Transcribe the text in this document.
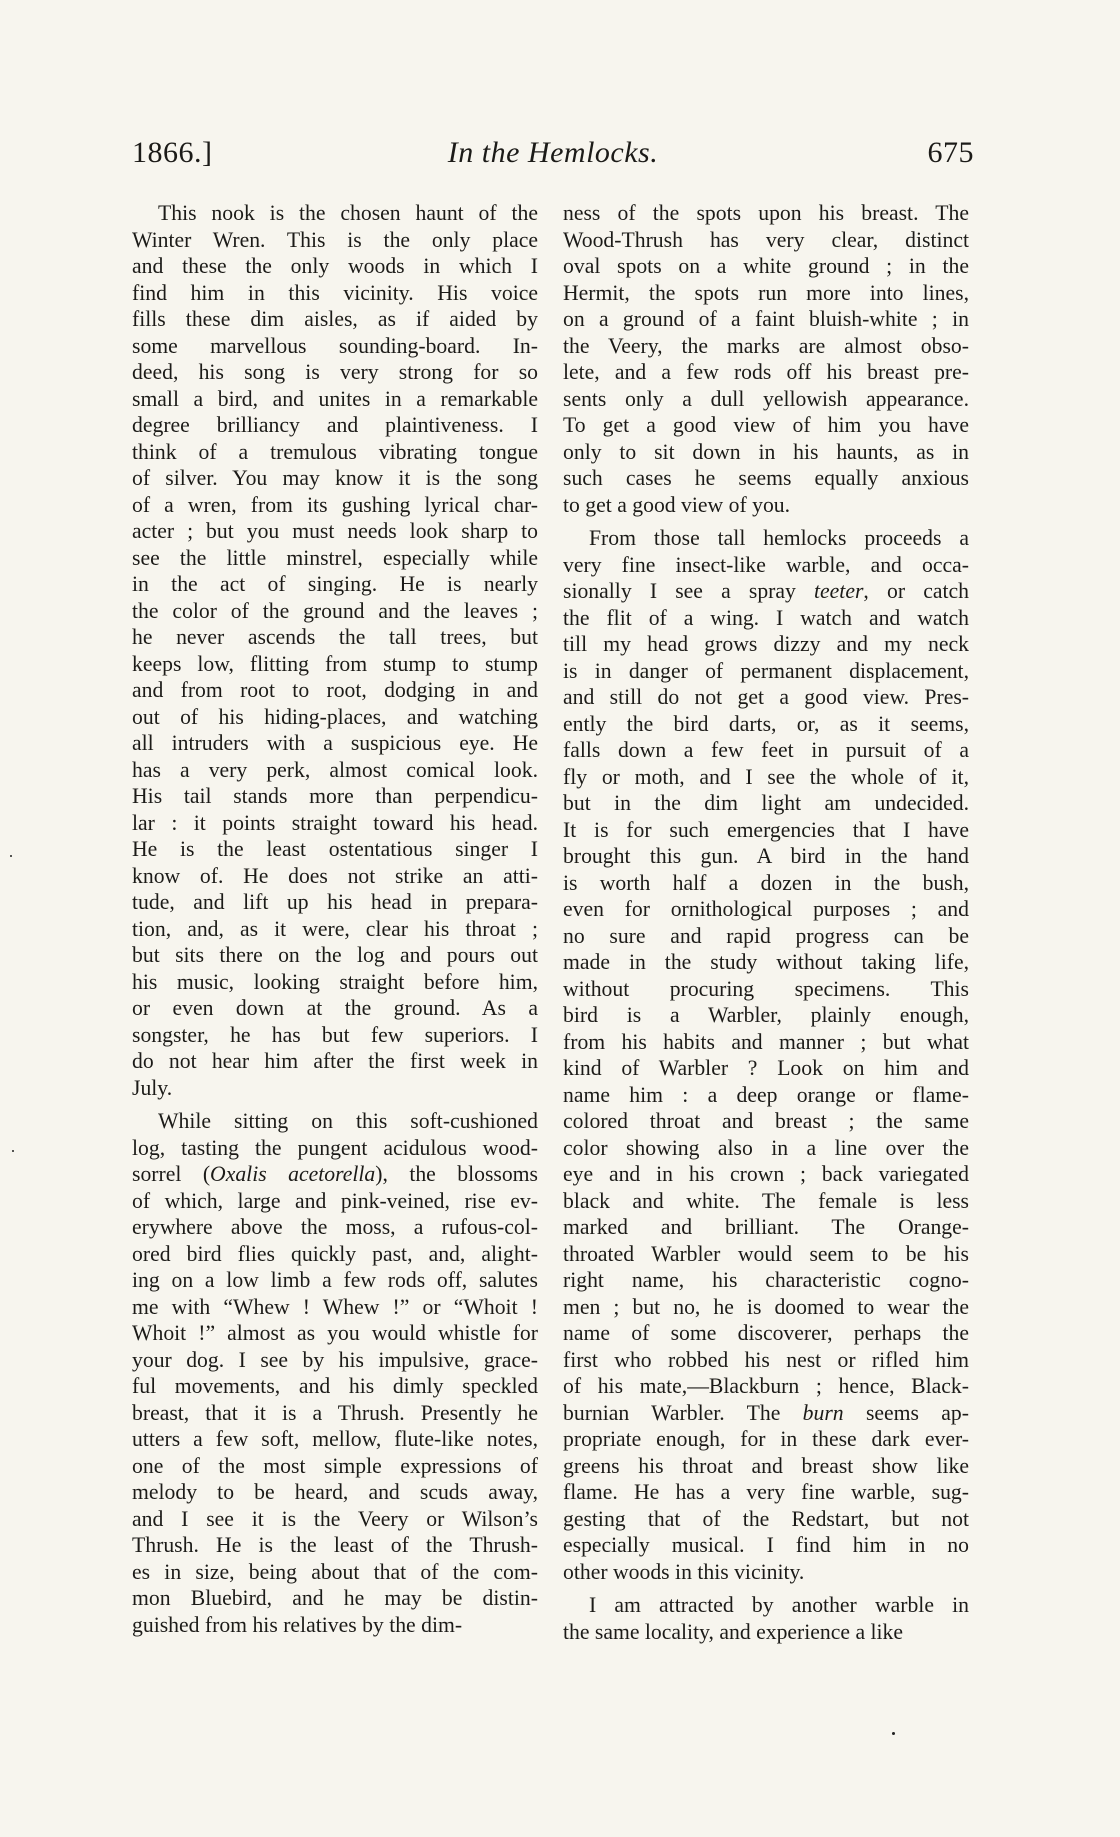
1866.]	In the Hemlocks.	675
This nook is the chosen haunt of the
Winter Wren. This is the only place
and these the only woods in which I
find him in this vicinity. His voice
fills these dim aisles, as if aided by
some marvellous sounding-board. In-
deed, his song is very strong for so
small a bird, and unites in a remarkable
degree brilliancy and plaintiveness. I
think of a tremulous vibrating tongue
of silver. You may know it is the song
of a wren, from its gushing lyrical char-
acter ; but you must needs look sharp to
see the little minstrel, especially while
in the act of singing. He is nearly
the color of the ground and the leaves ;
he never ascends the tall trees, but
keeps low, flitting from stump to stump
and from root to root, dodging in and
out of his hiding-places, and watching
all intruders with a suspicious eye. He
has a very perk, almost comical look.
His tail stands more than perpendicu-
lar : it points straight toward his head.
He is the least ostentatious singer I
know of. He does not strike an atti-
tude, and lift up his head in prepara-
tion, and, as it were, clear his throat ;
but sits there on the log and pours out
his music, looking straight before him,
or even down at the ground. As a
songster, he has but few superiors. I
do not hear him after the first week in
July.
While sitting on this soft-cushioned
log, tasting the pungent acidulous wood-
sorrel (Oxalis acetorella), the blossoms
of which, large and pink-veined, rise ev-
erywhere above the moss, a rufous-col-
ored bird flies quickly past, and, alight-
ing on a low limb a few rods off, salutes
me with “Whew ! Whew !” or “Whoit !
Whoit !” almost as you would whistle for
your dog. I see by his impulsive, grace-
ful movements, and his dimly speckled
breast, that it is a Thrush. Presently he
utters a few soft, mellow, flute-like notes,
one of the most simple expressions of
melody to be heard, and scuds away,
and I see it is the Veery or Wilson’s
Thrush. He is the least of the Thrush-
es in size, being about that of the com-
mon Bluebird, and he may be distin-
guished from his relatives by the dim-
ness of the spots upon his breast. The
Wood-Thrush has very clear, distinct
oval spots on a white ground ; in the
Hermit, the spots run more into lines,
on a ground of a faint bluish-white ; in
the Veery, the marks are almost obso-
lete, and a few rods off his breast pre-
sents only a dull yellowish appearance.
To get a good view of him you have
only to sit down in his haunts, as in
such cases he seems equally anxious
to get a good view of you.
From those tall hemlocks proceeds a
very fine insect-like warble, and occa-
sionally I see a spray teeter, or catch
the flit of a wing. I watch and watch
till my head grows dizzy and my neck
is in danger of permanent displacement,
and still do not get a good view. Pres-
ently the bird darts, or, as it seems,
falls down a few feet in pursuit of a
fly or moth, and I see the whole of it,
but in the dim light am undecided.
It is for such emergencies that I have
brought this gun. A bird in the hand
is worth half a dozen in the bush,
even for ornithological purposes ; and
no sure and rapid progress can be
made in the study without taking life,
without procuring specimens. This
bird is a Warbler, plainly enough,
from his habits and manner ; but what
kind of Warbler ? Look on him and
name him : a deep orange or flame-
colored throat and breast ; the same
color showing also in a line over the
eye and in his crown ; back variegated
black and white. The female is less
marked and brilliant. The Orange-
throated Warbler would seem to be his
right name, his characteristic cogno-
men ; but no, he is doomed to wear the
name of some discoverer, perhaps the
first who robbed his nest or rifled him
of his mate,—Blackburn ; hence, Black-
burnian Warbler. The burn seems ap-
propriate enough, for in these dark ever-
greens his throat and breast show like
flame. He has a very fine warble, sug-
gesting that of the Redstart, but not
especially musical. I find him in no
other woods in this vicinity.
I am attracted by another warble in
the same locality, and experience a like
